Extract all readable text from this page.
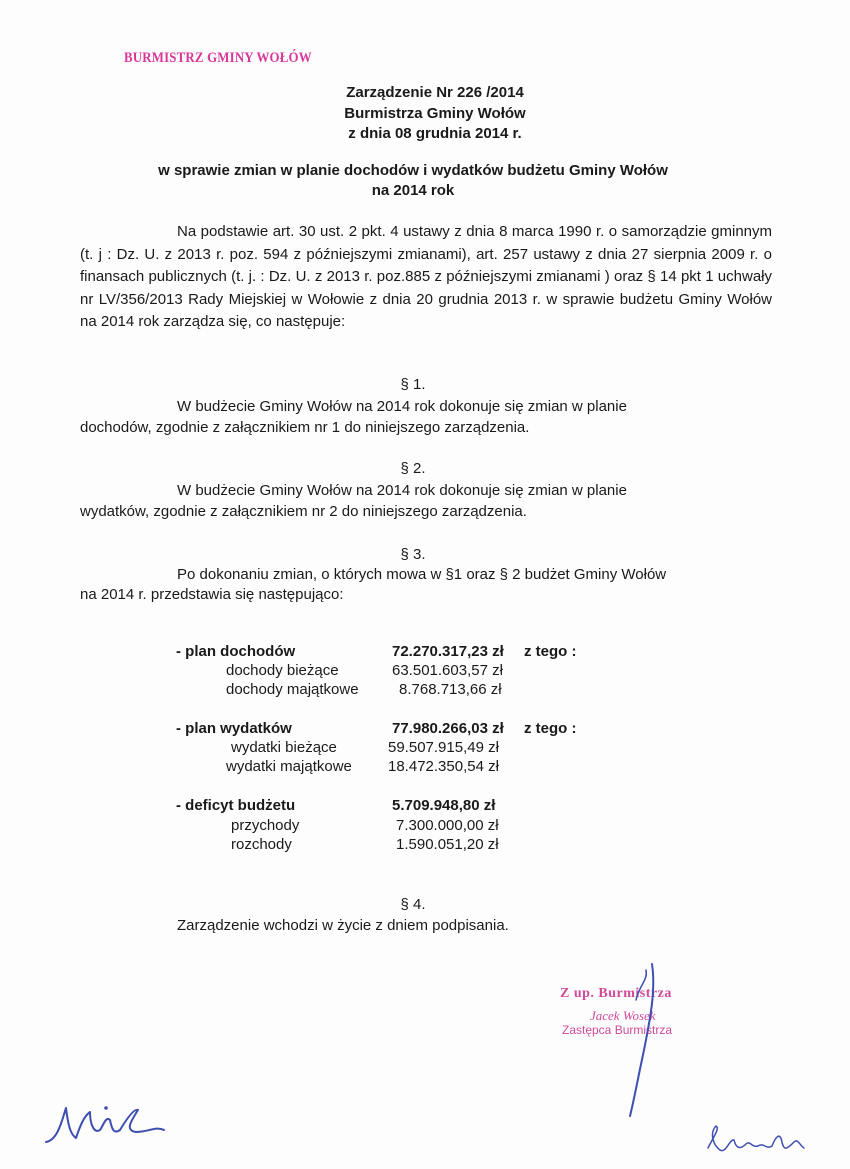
BURMISTRZ GMINY WOŁÓW
Zarządzenie Nr 226 /2014
Burmistrza Gminy Wołów
z dnia 08 grudnia 2014 r.
w sprawie zmian w planie dochodów i wydatków budżetu Gminy Wołów
na 2014 rok
Na podstawie art. 30 ust. 2 pkt. 4 ustawy z dnia 8 marca 1990 r. o samorządzie gminnym (t. j : Dz. U. z 2013 r. poz. 594 z późniejszymi zmianami), art. 257 ustawy z dnia 27 sierpnia 2009 r. o finansach publicznych (t. j. : Dz. U. z 2013 r. poz.885 z późniejszymi zmianami ) oraz § 14 pkt 1 uchwały nr LV/356/2013 Rady Miejskiej w Wołowie z dnia 20 grudnia 2013 r. w sprawie budżetu Gminy Wołów na 2014 rok zarządza się, co następuje:
§ 1.
W budżecie Gminy Wołów na 2014 rok dokonuje się zmian w planie
dochodów, zgodnie z załącznikiem nr 1 do niniejszego zarządzenia.
§ 2.
W budżecie Gminy Wołów na 2014 rok dokonuje się zmian w planie
wydatków, zgodnie z załącznikiem nr 2 do niniejszego zarządzenia.
§ 3.
Po dokonaniu zmian, o których mowa w §1 oraz § 2 budżet Gminy Wołów
na 2014 r. przedstawia się następująco:
- plan dochodów	72.270.317,23 zł z tego :
dochody bieżące	63.501.603,57 zł
dochody majątkowe	8.768.713,66 zł
- plan wydatków	77.980.266,03 zł z tego :
wydatki bieżące	59.507.915,49 zł
wydatki majątkowe 18.472.350,54 zł
- deficyt budżetu	5.709.948,80 zł
przychody	7.300.000,00 zł
rozchody	1.590.051,20 zł
§ 4.
Zarządzenie wchodzi w życie z dniem podpisania.
Z up. Burmistrza
Jacek Wosek
Zastępca Burmistrza
